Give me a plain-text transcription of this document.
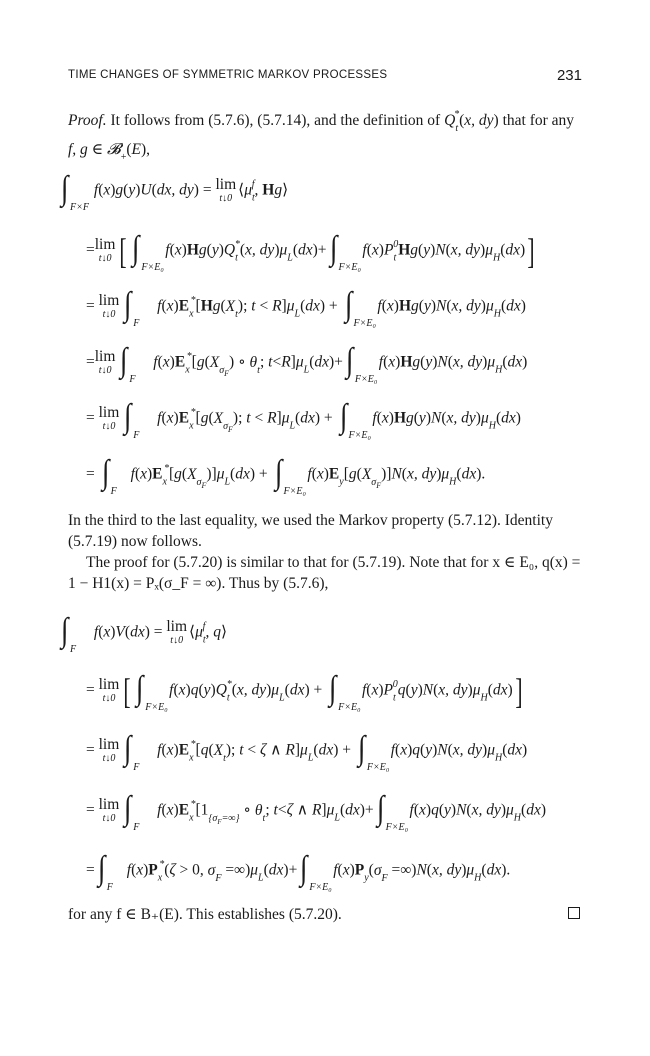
TIME CHANGES OF SYMMETRIC MARKOV PROCESSES	231

Proof. It follows from (5.7.6), (5.7.14), and the definition of $Q_t^*(x$, dy) that for any f, g ∈ 𝓑$_+$(E),

∫
F×F
f(x)g(y)U(dx, dy) = lim
t↓0 $⟨\mu_t^f$, Hg⟩
= lim
t↓0 [ ∫
F×E₀
$f(x)Hg(y)Q_t^*(x$, $dy)\mu_L(dx)+$ ∫
F×E₀
$f(x)P_t^0Hg(y)N(x$, $dy)\mu_H(dx)$]
= lim
t↓0 ∫
F
$f(x)E_x^*[Hg(X_t)$; $t < R]\mu_L(dx)$ + ∫
F×E₀
f(x)Hg(y)N(x, $dy)\mu_H(dx)$
= lim
t↓0 ∫
F
$f(x)E_x^*[g(X_{\sigma_F})$ ∘ $\theta_t$; $t<R]\mu_L(dx)+$ ∫
F×E₀
f(x)Hg(y)N(x, $dy)\mu_H(dx)$
= lim
t↓0 ∫
F
$f(x)E_x^*[g(X_{\sigma_F})$; $t < R]\mu_L(dx)$ + ∫
F×E₀
f(x)Hg(y)N(x, $dy)\mu_H(dx)$
= ∫
F
$f(x)E_x^*[g(X_{\sigma_F})]\mu_L(dx)$ + ∫
F×E₀
$f(x)E_y[g(X_{\sigma_F})]N(x$, $dy)\mu_H(dx)$.

In the third to the last equality, we used the Markov property (5.7.12). Identity (5.7.19) now follows.

The proof for (5.7.20) is similar to that for (5.7.19). Note that for x ∈ E₀, q(x) = 1 − H1(x) = Pₓ(σ_F = ∞). Thus by (5.7.6),

∫
F
f(x)V(dx) = lim
t↓0 $⟨\mu_t^f$, q⟩
= lim
t↓0 [ ∫
F×E₀
$f(x)q(y)Q_t^*(x$, $dy)\mu_L(dx)$ + ∫
F×E₀
$f(x)P_t^0q(y)N(x$, $dy)\mu_H(dx)$]
= lim
t↓0 ∫
F
$f(x)E_x^*[q(X_t)$; t < ζ ∧ $R]\mu_L(dx)$ + ∫
F×E₀
f(x)q(y)N(x, $dy)\mu_H(dx)$
= lim
t↓0 ∫
F
$f(x)E_x^*[1_{\{\sigma_F=\infty\}}$ ∘ $\theta_t$; t<ζ ∧ $R]\mu_L(dx)+$ ∫
F×E₀
f(x)q(y)N(x, $dy)\mu_H(dx)$
= ∫
F
$f(x)P_x^*(\zeta > 0$, $\sigma_F =\infty)\mu_L(dx)+$ ∫
F×E₀
$f(x)P_y(\sigma_F =\infty)N(x$, $dy)\mu_H(dx)$.

for any f ∈ B₊(E). This establishes (5.7.20).
